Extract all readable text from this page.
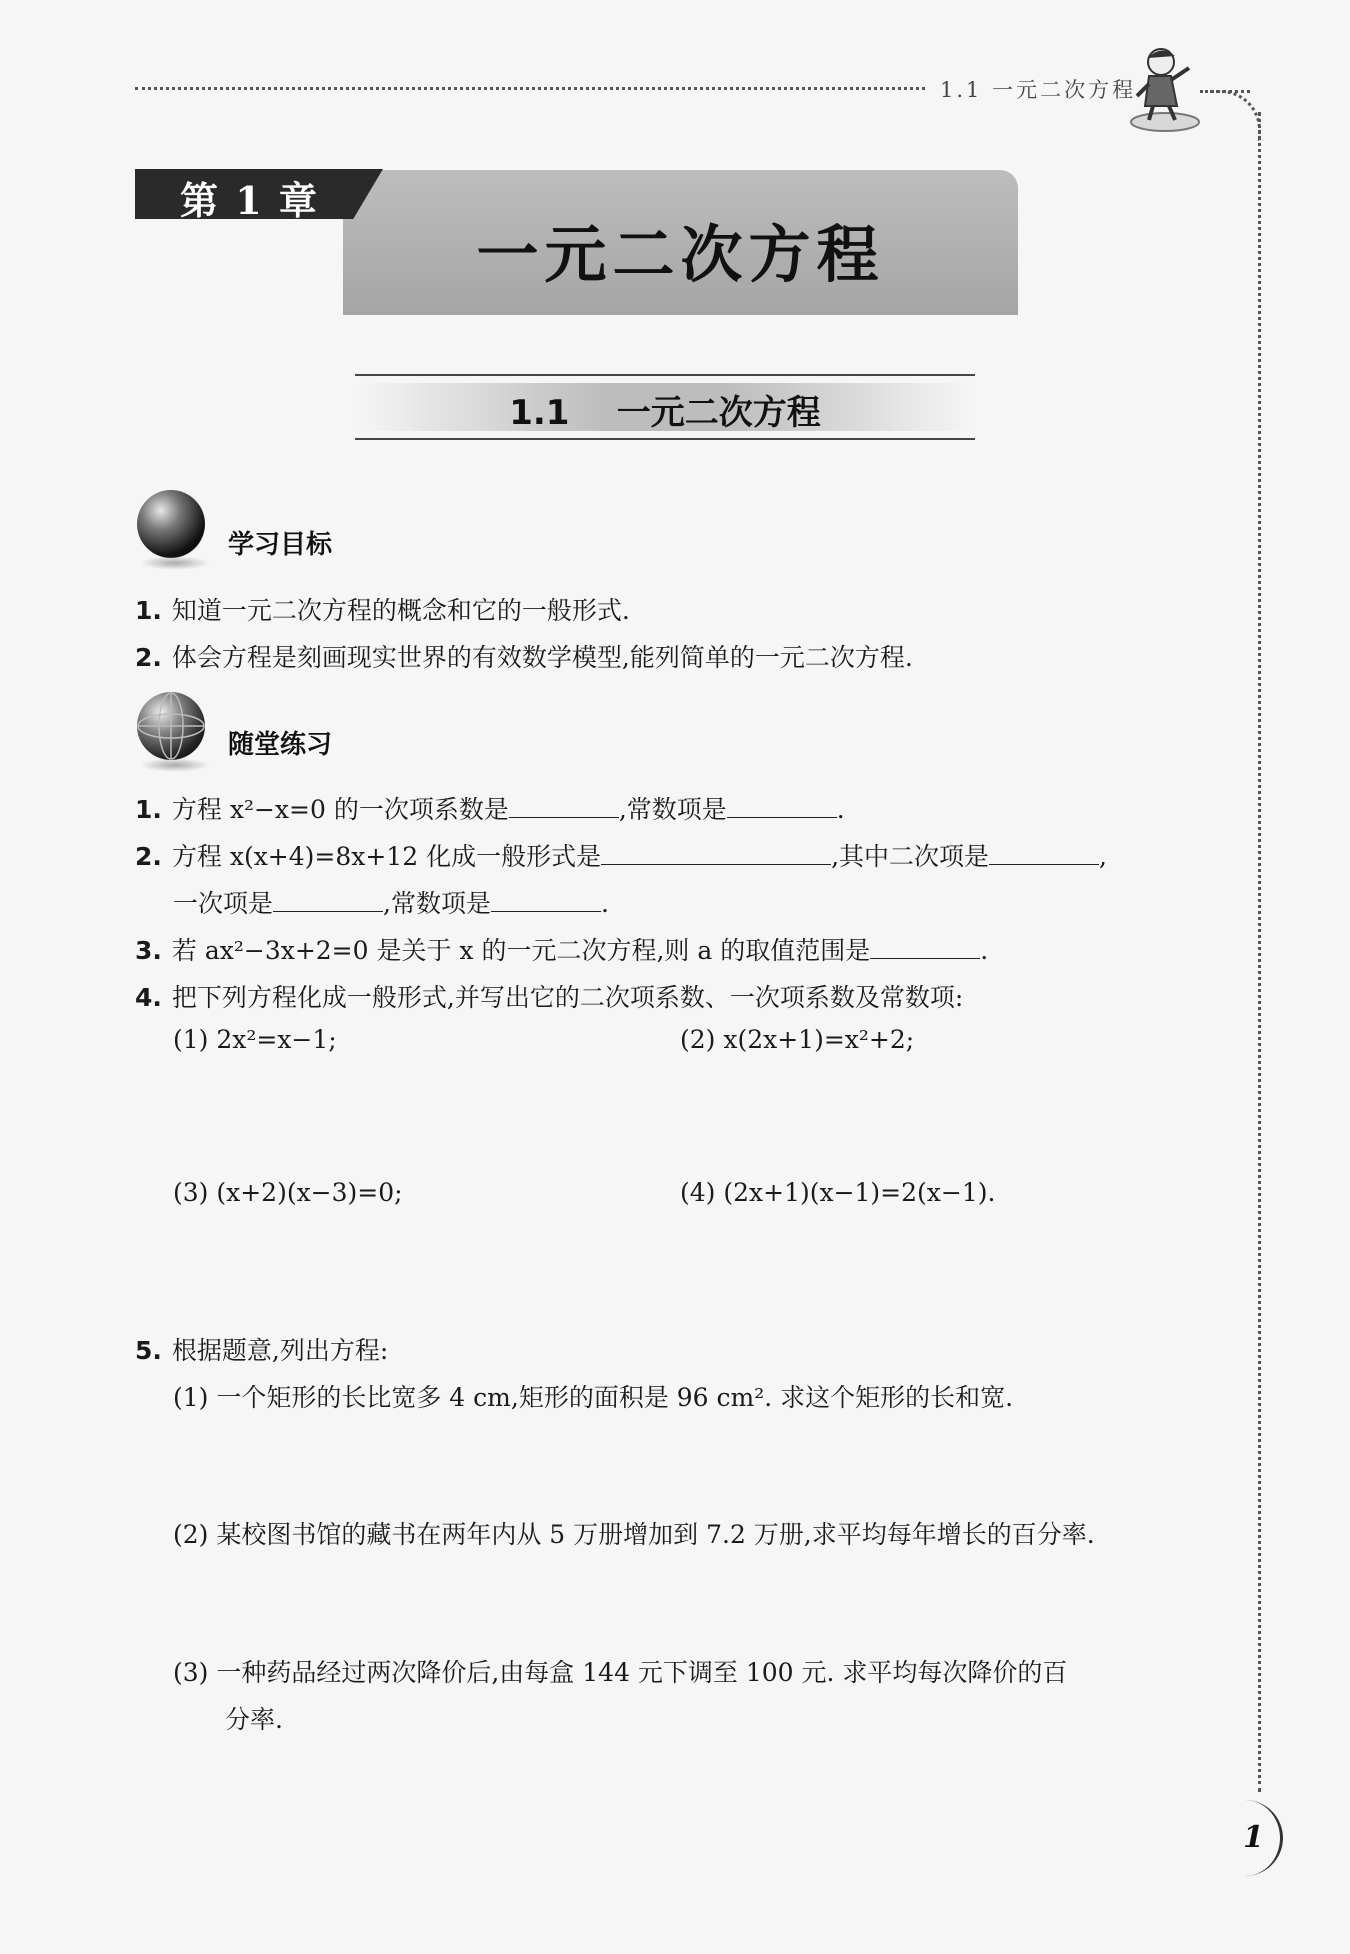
1.1 一元二次方程
第 1 章
一元二次方程
1.1    一元二次方程
学习目标
1. 知道一元二次方程的概念和它的一般形式.
2. 体会方程是刻画现实世界的有效数学模型,能列简单的一元二次方程.
随堂练习
1. 方程 x²−x=0 的一次项系数是	,常数项是	.
2. 方程 x(x+4)=8x+12 化成一般形式是	,其中二次项是	,
一次项是	,常数项是	.
3. 若 ax²−3x+2=0 是关于 x 的一元二次方程,则 a 的取值范围是	.
4. 把下列方程化成一般形式,并写出它的二次项系数、一次项系数及常数项:
(1) 2x²=x−1;	(2) x(2x+1)=x²+2;
(3) (x+2)(x−3)=0;	(4) (2x+1)(x−1)=2(x−1).
5. 根据题意,列出方程:
(1) 一个矩形的长比宽多 4 cm,矩形的面积是 96 cm². 求这个矩形的长和宽.
(2) 某校图书馆的藏书在两年内从 5 万册增加到 7.2 万册,求平均每年增长的百分率.
(3) 一种药品经过两次降价后,由每盒 144 元下调至 100 元. 求平均每次降价的百
分率.
1
